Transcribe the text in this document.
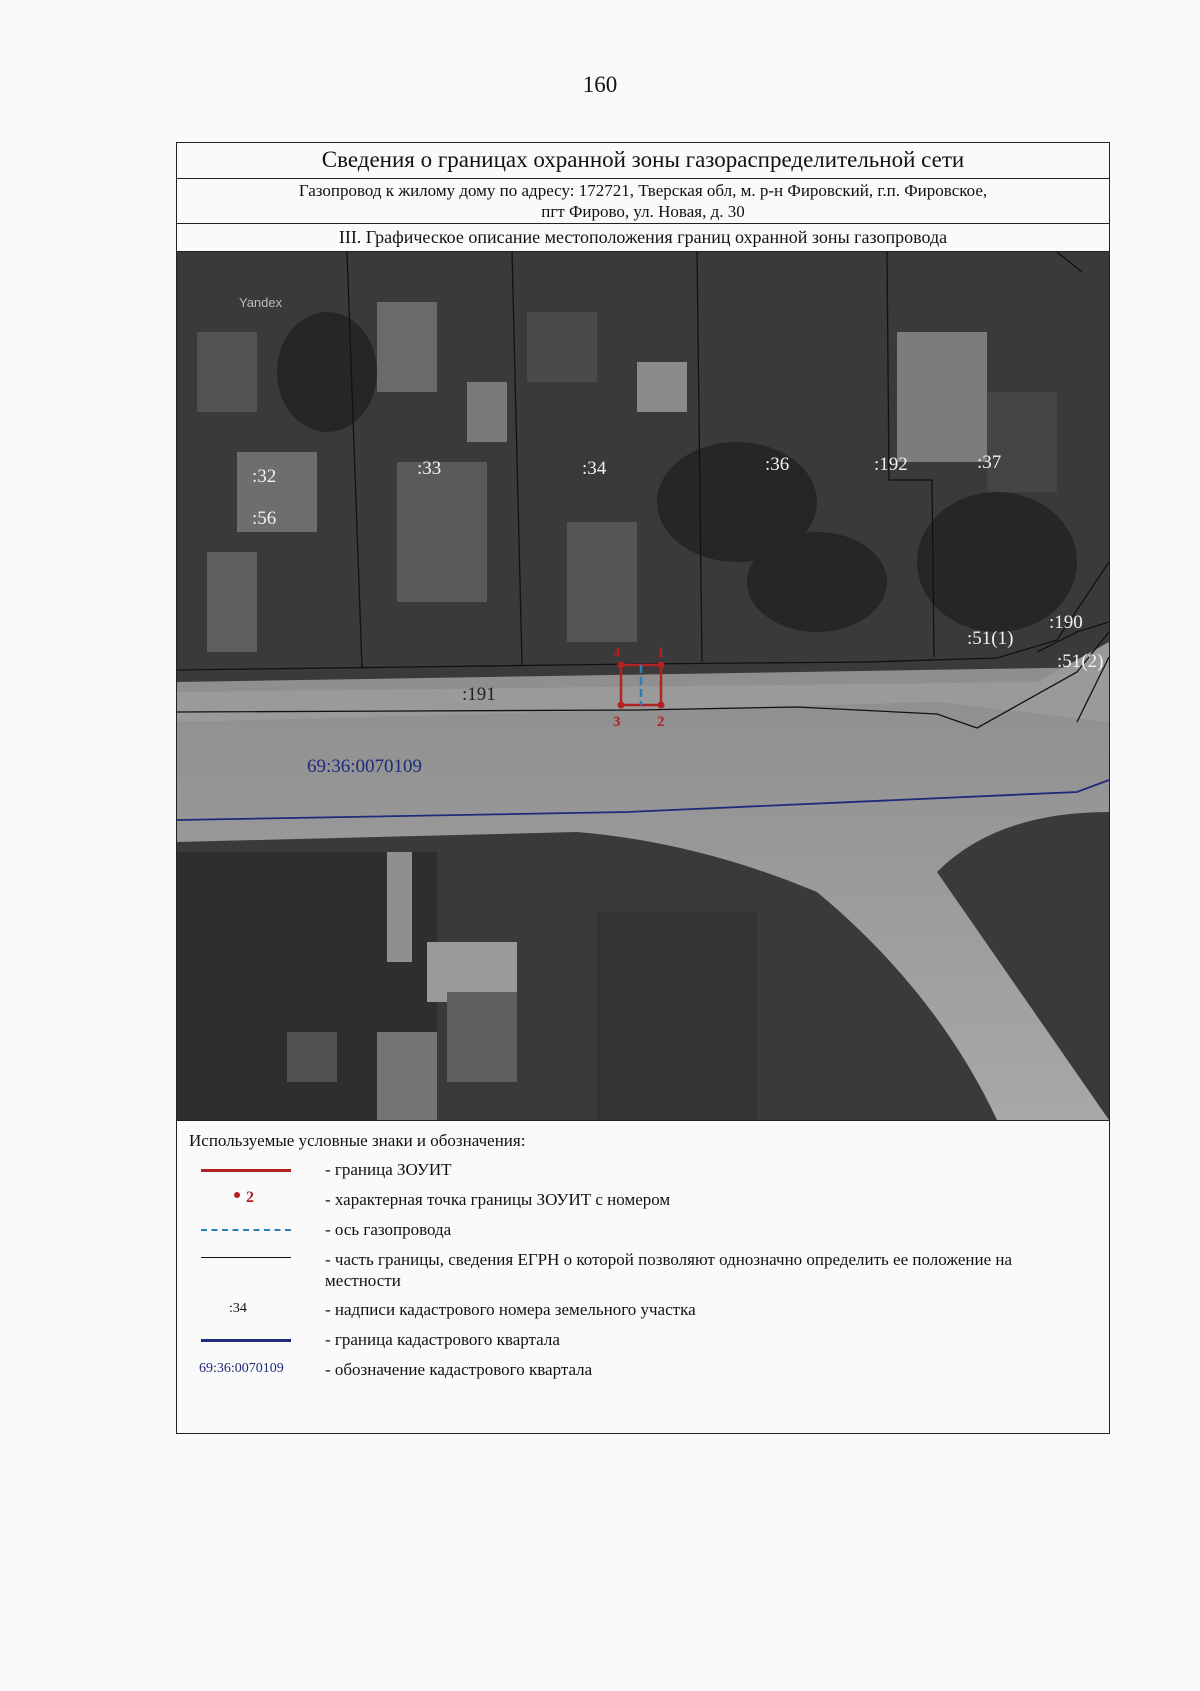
160
Сведения о границах охранной зоны газораспределительной сети
Газопровод к жилому дому по адресу: 172721, Тверская обл, м. р-н Фировский, г.п. Фировское,
пгт Фирово, ул. Новая, д. 30
III. Графическое описание местоположения границ охранной зоны газопровода
1
2
3
4
:32
:56
:33	:34	:36	:192	:37
:190
:51(1)
:51(2)
:191
69:36:0070109
Yandex
Используемые условные знаки и обозначения:
- граница ЗОУИТ
2	- характерная точка границы ЗОУИТ с номером
- ось газопровода
- часть границы, сведения ЕГРН о которой позволяют однозначно определить ее положение на местности
:34	- надписи кадастрового номера земельного участка
- граница кадастрового квартала
69:36:0070109 - обозначение кадастрового квартала
